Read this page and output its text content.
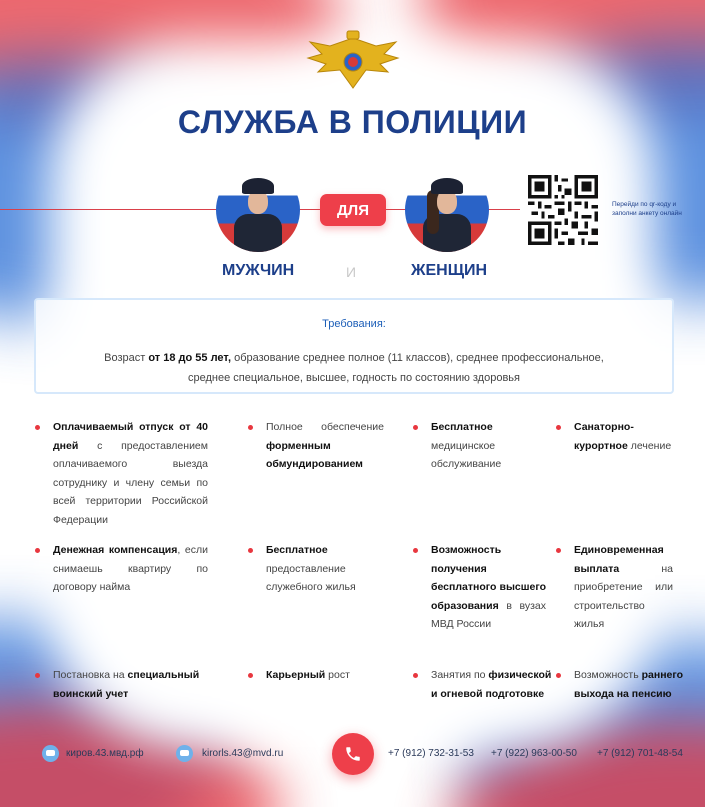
СЛУЖБА В ПОЛИЦИИ
ДЛЯ
МУЖЧИН	И	ЖЕНЩИН
Перейди по qr-коду и заполни анкету онлайн
Требования:
Возраст от 18 до 55 лет, образование среднее полное (11 классов), среднее профессиональное,
среднее специальное, высшее, годность по состоянию здоровья
Оплачиваемый отпуск от 40 дней с предоставлением оплачиваемого выезда сотруднику и члену семьи по всей территории Российской Федерации
Полное обеспечение форменным обмундированием
Бесплатное медицинское обслуживание
Санаторно-курортное лечение
Денежная компенсация, если снимаешь квартиру по договору найма
Бесплатное предоставление служебного жилья
Возможность получения бесплатного высшего образования в вузах МВД России
Единовременная выплата на приобретение или строительство жилья
Постановка на специальный воинский учет
Карьерный рост	Занятия по физической и огневой подготовке
Возможность раннего выхода на пенсию
киров.43.мвд.рф	kirorls.43@mvd.ru	+7 (912) 732-31-53 +7 (922) 963-00-50 +7 (912) 701-48-54
